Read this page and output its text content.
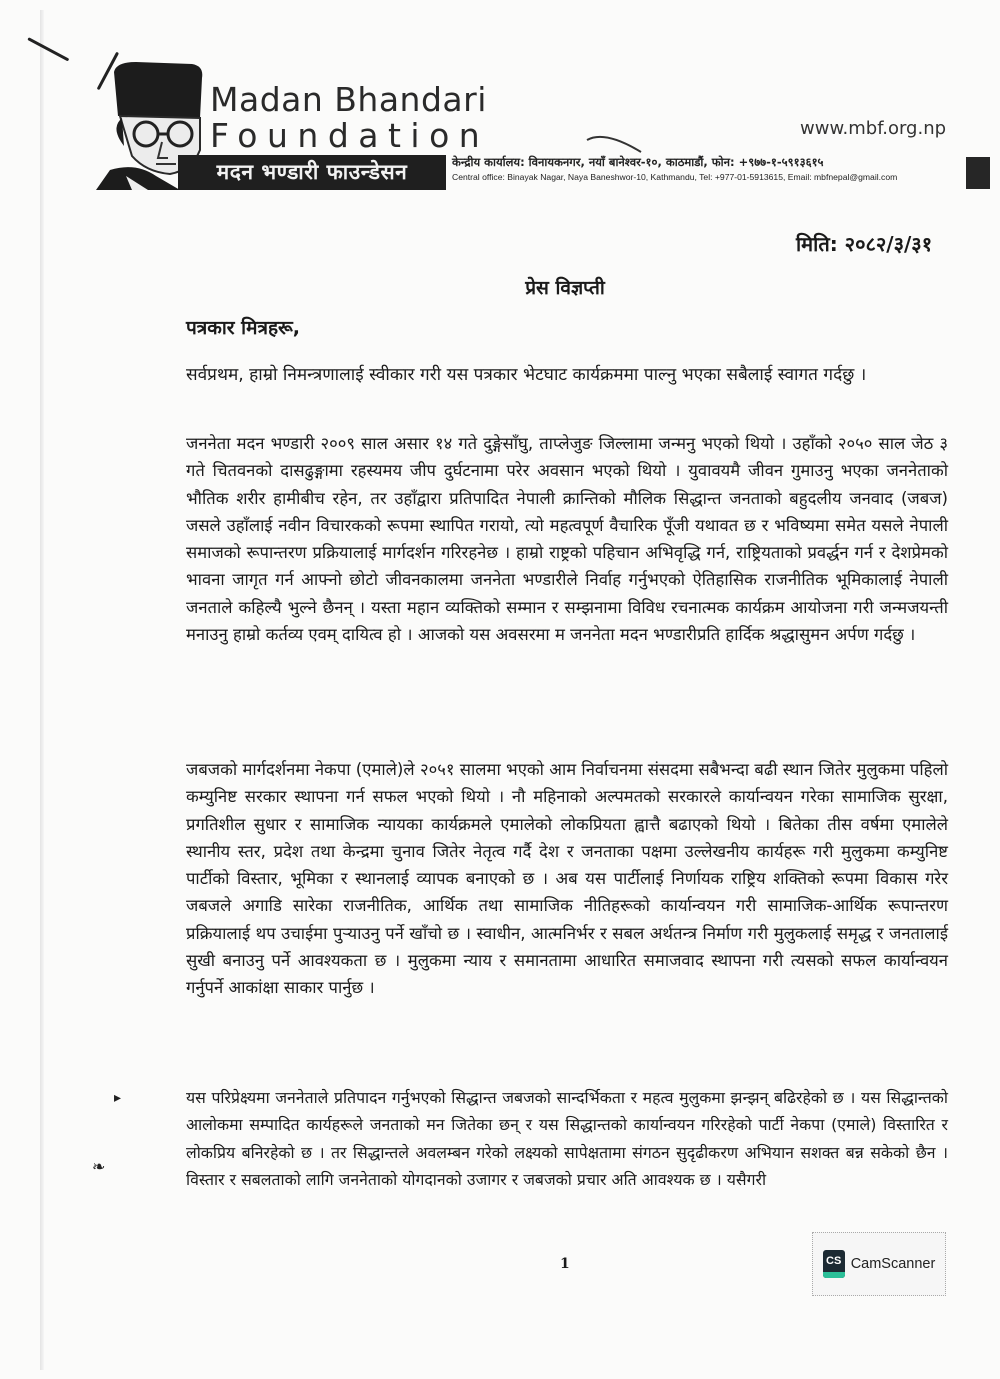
Madan Bhandari
Foundation
मदन भण्डारी फाउन्डेसन
www.mbf.org.np
केन्द्रीय कार्यालय: विनायकनगर, नयाँ बानेश्वर-१०, काठमाडौं, फोन: +९७७-१-५९१३६१५
Central office: Binayak Nagar, Naya Baneshwor-10, Kathmandu, Tel: +977-01-5913615, Email: mbfnepal@gmail.com
मिति: २०८२/३/३१
प्रेस विज्ञप्ती
पत्रकार मित्रहरू,
सर्वप्रथम, हाम्रो निमन्त्रणालाई स्वीकार गरी यस पत्रकार भेटघाट कार्यक्रममा पाल्नु भएका सबैलाई स्वागत गर्दछु ।
जननेता मदन भण्डारी २००९ साल असार १४ गते दुङ्गेसाँघु, ताप्लेजुङ जिल्लामा जन्मनु भएको थियो । उहाँको २०५० साल जेठ ३ गते चितवनको दासढुङ्गामा रहस्यमय जीप दुर्घटनामा परेर अवसान भएको थियो । युवावयमै जीवन गुमाउनु भएका जननेताको भौतिक शरीर हामीबीच रहेन, तर उहाँद्वारा प्रतिपादित नेपाली क्रान्तिको मौलिक सिद्धान्त जनताको बहुदलीय जनवाद (जबज) जसले उहाँलाई नवीन विचारकको रूपमा स्थापित गरायो, त्यो महत्वपूर्ण वैचारिक पूँजी यथावत छ र भविष्यमा समेत यसले नेपाली समाजको रूपान्तरण प्रक्रियालाई मार्गदर्शन गरिरहनेछ । हाम्रो राष्ट्रको पहिचान अभिवृद्धि गर्न, राष्ट्रियताको प्रवर्द्धन गर्न र देशप्रेमको भावना जागृत गर्न आफ्नो छोटो जीवनकालमा जननेता भण्डारीले निर्वाह गर्नुभएको ऐतिहासिक राजनीतिक भूमिकालाई नेपाली जनताले कहिल्यै भुल्ने छैनन् । यस्ता महान व्यक्तिको सम्मान र सम्झनामा विविध रचनात्मक कार्यक्रम आयोजना गरी जन्मजयन्ती मनाउनु हाम्रो कर्तव्य एवम् दायित्व हो । आजको यस अवसरमा म जननेता मदन भण्डारीप्रति हार्दिक श्रद्धासुमन अर्पण गर्दछु ।
जबजको मार्गदर्शनमा नेकपा (एमाले)ले २०५१ सालमा भएको आम निर्वाचनमा संसदमा सबैभन्दा बढी स्थान जितेर मुलुकमा पहिलो कम्युनिष्ट सरकार स्थापना गर्न सफल भएको थियो । नौ महिनाको अल्पमतको सरकारले कार्यान्वयन गरेका सामाजिक सुरक्षा, प्रगतिशील सुधार र सामाजिक न्यायका कार्यक्रमले एमालेको लोकप्रियता ह्वात्तै बढाएको थियो । बितेका तीस वर्षमा एमालेले स्थानीय स्तर, प्रदेश तथा केन्द्रमा चुनाव जितेर नेतृत्व गर्दै देश र जनताका पक्षमा उल्लेखनीय कार्यहरू गरी मुलुकमा कम्युनिष्ट पार्टीको विस्तार, भूमिका र स्थानलाई व्यापक बनाएको छ । अब यस पार्टीलाई निर्णायक राष्ट्रिय शक्तिको रूपमा विकास गरेर जबजले अगाडि सारेका राजनीतिक, आर्थिक तथा सामाजिक नीतिहरूको कार्यान्वयन गरी सामाजिक-आर्थिक रूपान्तरण प्रक्रियालाई थप उचाईमा पुऱ्याउनु पर्ने खाँचो छ । स्वाधीन, आत्मनिर्भर र सबल अर्थतन्त्र निर्माण गरी मुलुकलाई समृद्ध र जनतालाई सुखी बनाउनु पर्ने आवश्यकता छ । मुलुकमा न्याय र समानतामा आधारित समाजवाद स्थापना गरी त्यसको सफल कार्यान्वयन गर्नुपर्ने आकांक्षा साकार पार्नुछ ।
यस परिप्रेक्ष्यमा जननेताले प्रतिपादन गर्नुभएको सिद्धान्त जबजको सान्दर्भिकता र महत्व मुलुकमा झन्झन् बढिरहेको छ । यस सिद्धान्तको आलोकमा सम्पादित कार्यहरूले जनताको मन जितेका छन् र यस सिद्धान्तको कार्यान्वयन गरिरहेको पार्टी नेकपा (एमाले) विस्तारित र लोकप्रिय बनिरहेको छ । तर सिद्धान्तले अवलम्बन गरेको लक्ष्यको सापेक्षतामा संगठन सुदृढीकरण अभियान सशक्त बन्न सकेको छैन । विस्तार र सबलताको लागि जननेताको योगदानको उजागर र जबजको प्रचार अति आवश्यक छ । यसैगरी
▸
❧
1	CS CamScanner
